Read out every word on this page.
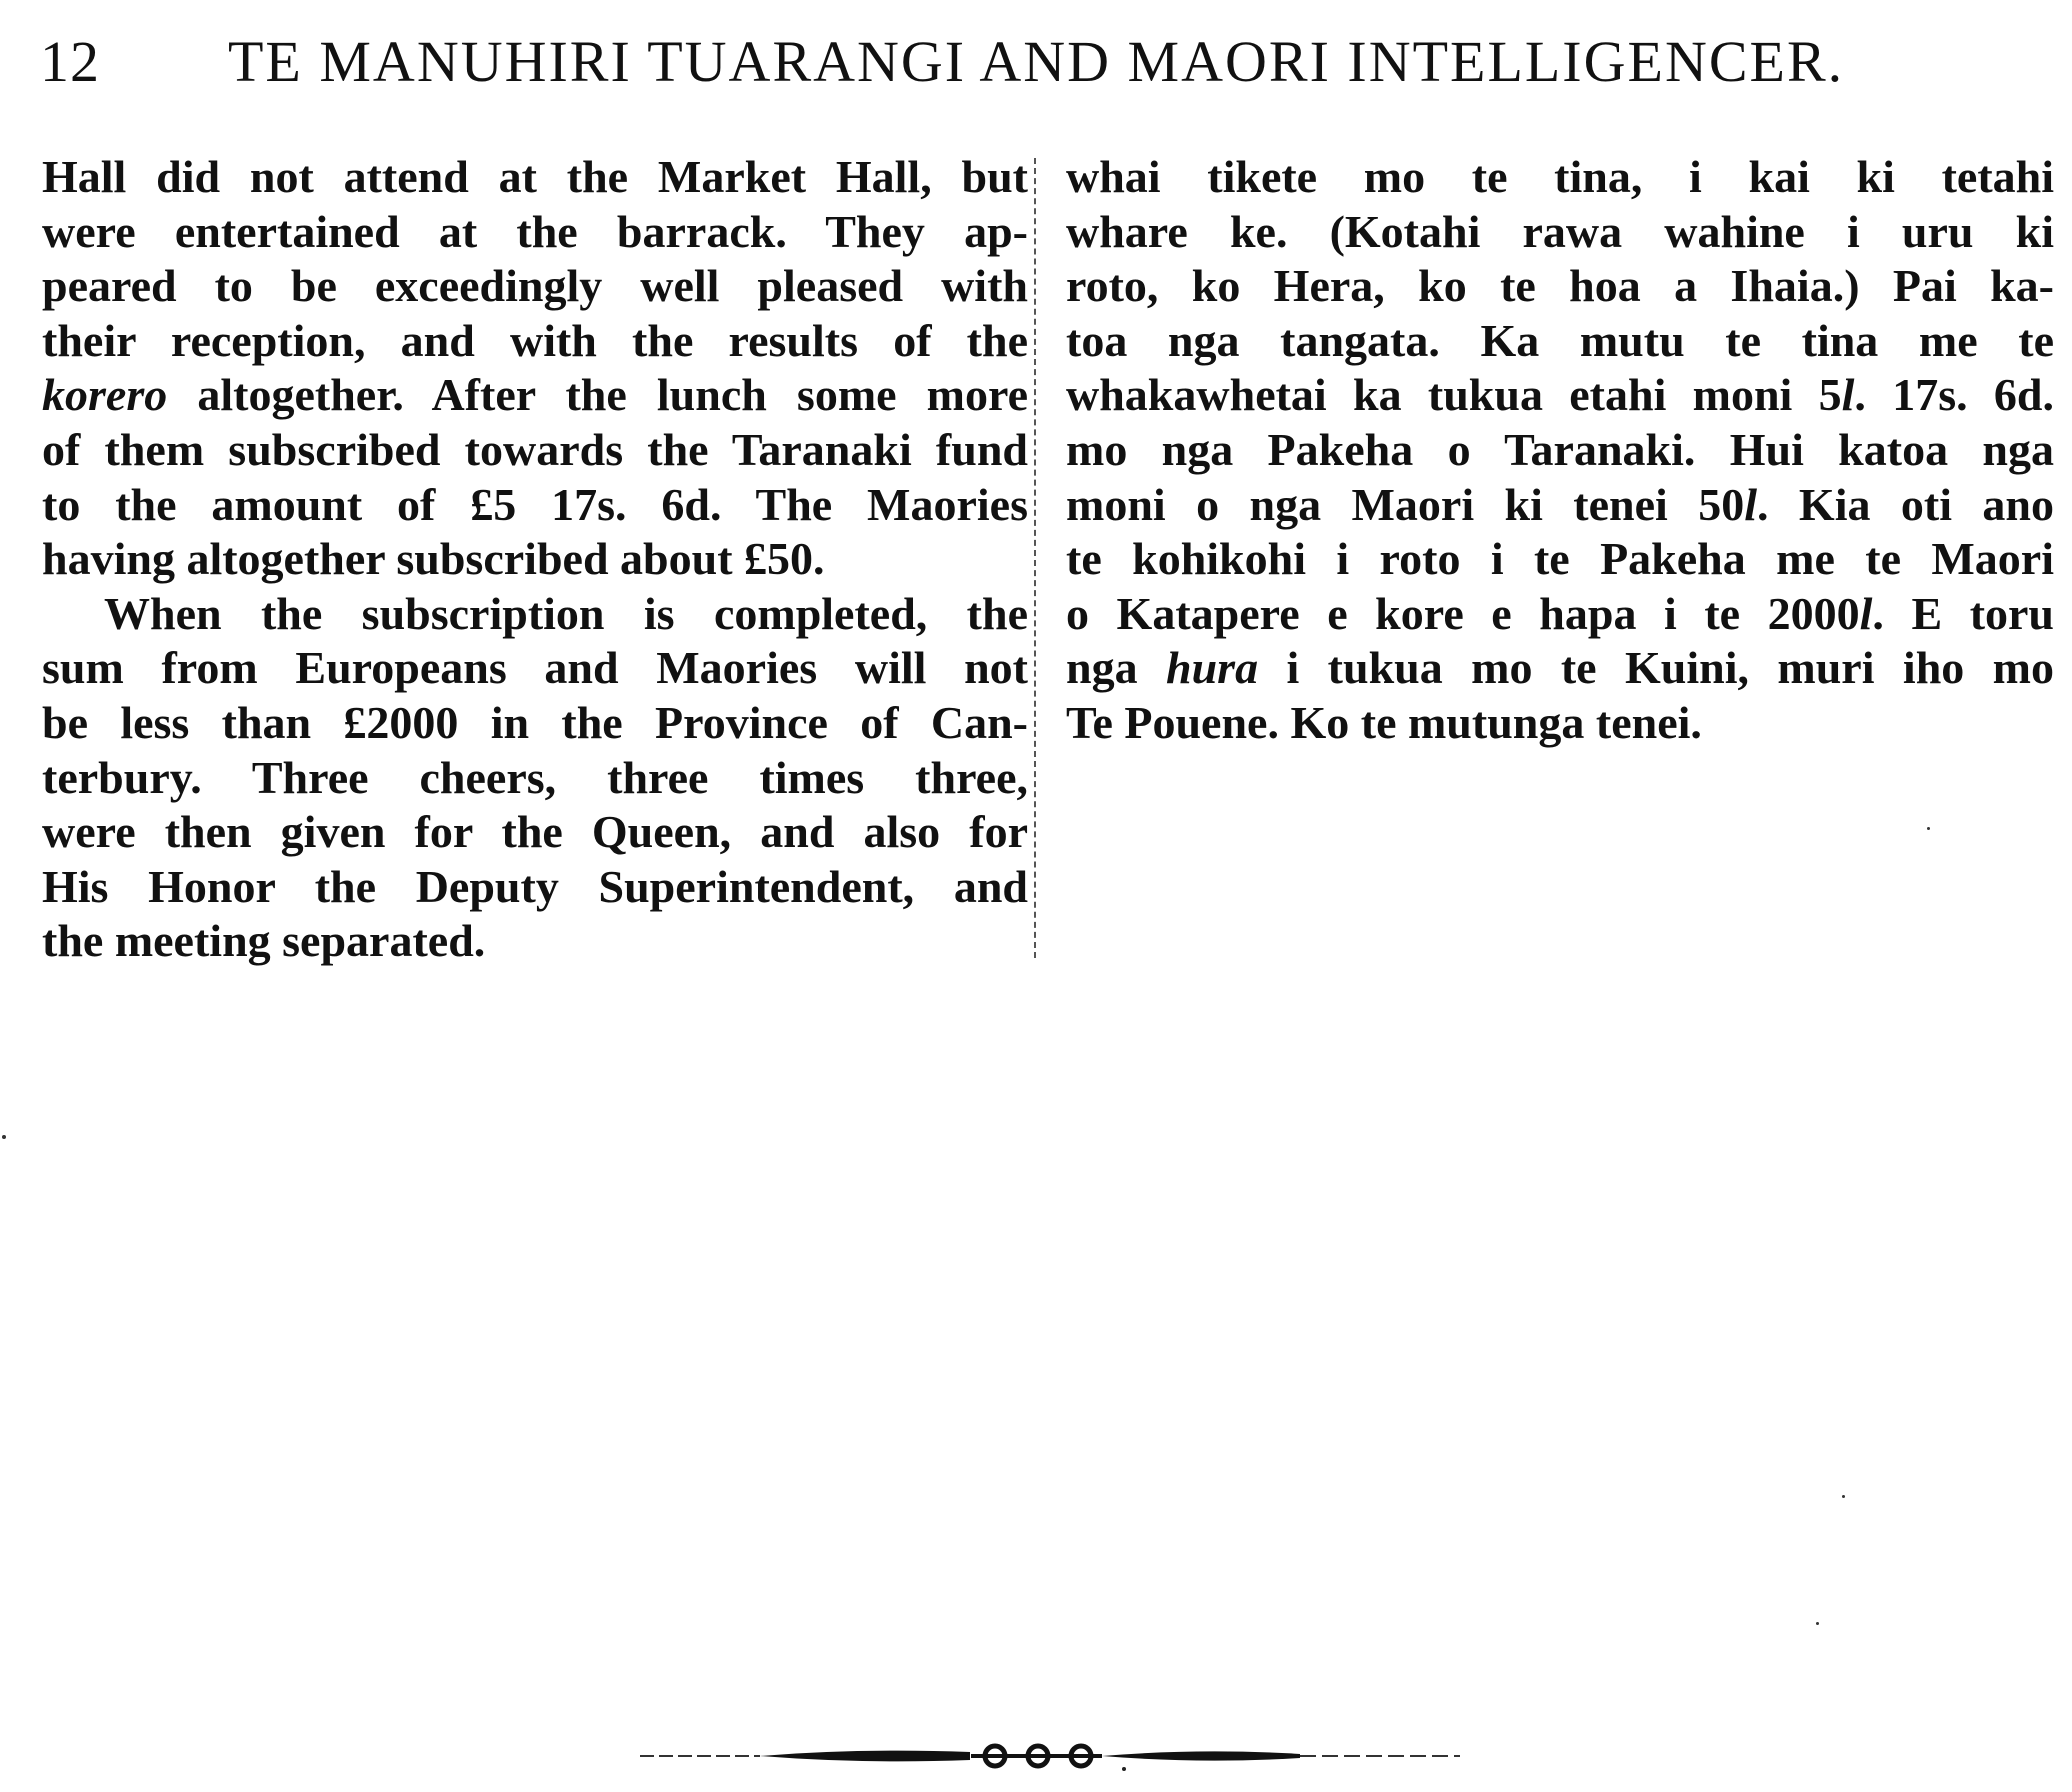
12 TE MANUHIRI TUARANGI AND MAORI INTELLIGENCER.
Hall did not attend at the Market Hall, but
were entertained at the barrack. They ap-
peared to be exceedingly well pleased with
their reception, and with the results of the
korero altogether. After the lunch some more
of them subscribed towards the Taranaki fund
to the amount of £5 17s. 6d. The Maories
having altogether subscribed about £50.
When the subscription is completed, the
sum from Europeans and Maories will not
be less than £2000 in the Province of Can-
terbury. Three cheers, three times three,
were then given for the Queen, and also for
His Honor the Deputy Superintendent, and
the meeting separated.
whai tikete mo te tina, i kai ki tetahi
whare ke. (Kotahi rawa wahine i uru ki
roto, ko Hera, ko te hoa a Ihaia.) Pai ka-
toa nga tangata. Ka mutu te tina me te
whakawhetai ka tukua etahi moni 5l. 17s. 6d.
mo nga Pakeha o Taranaki. Hui katoa nga
moni o nga Maori ki tenei 50l. Kia oti ano
te kohikohi i roto i te Pakeha me te Maori
o Katapere e kore e hapa i te 2000l. E toru
nga hura i tukua mo te Kuini, muri iho mo
Te Pouene. Ko te mutunga tenei.
